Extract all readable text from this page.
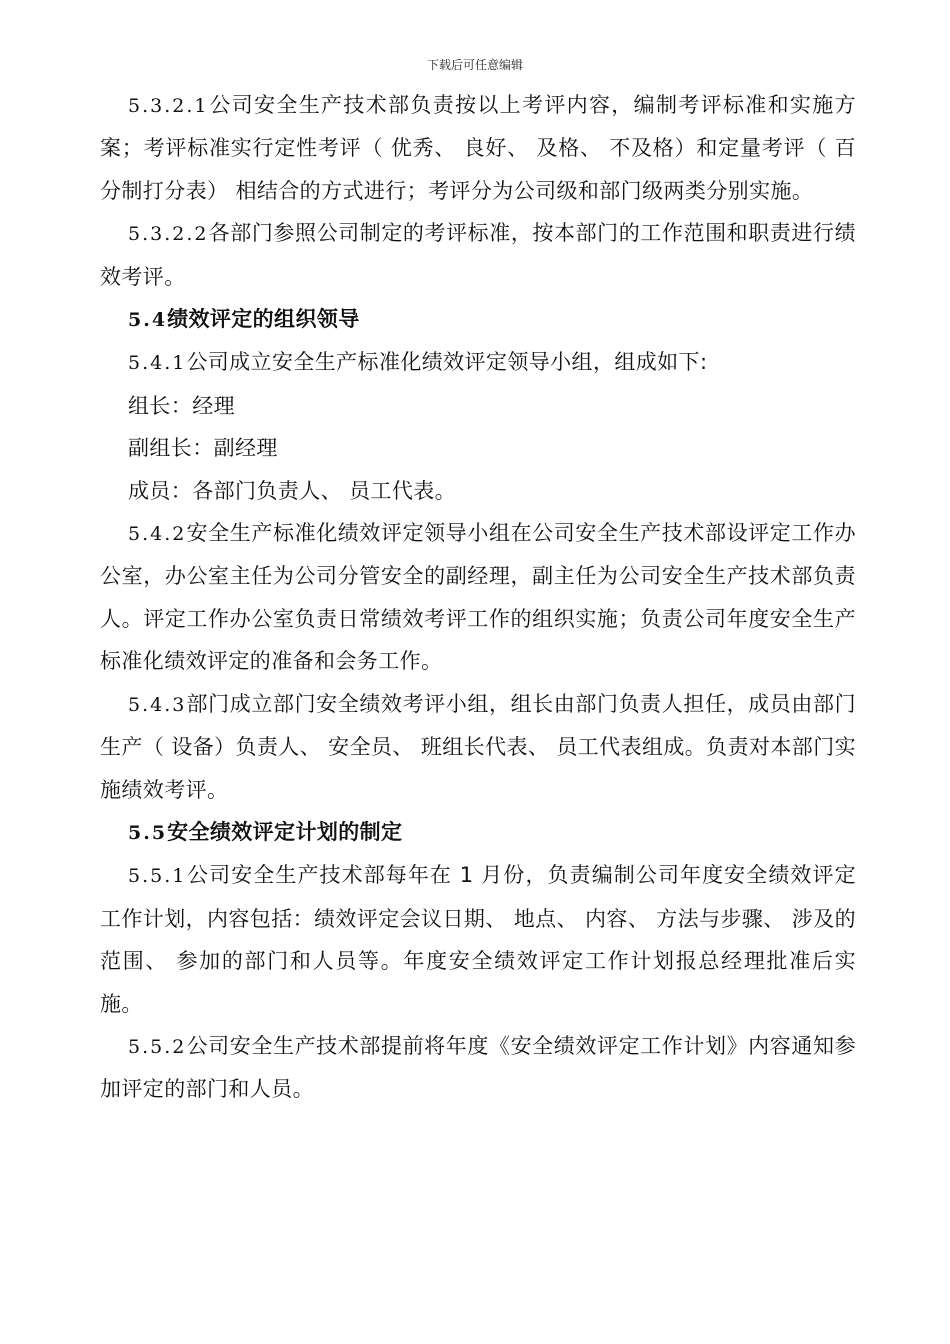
下载后可任意编辑

5.3.2.1公司安全生产技术部负责按以上考评内容，编制考评标准和实施方案；考评标准实行定性考评（ 优秀、 良好、 及格、 不及格）和定量考评（ 百分制打分表） 相结合的方式进行；考评分为公司级和部门级两类分别实施。

5.3.2.2各部门参照公司制定的考评标准，按本部门的工作范围和职责进行绩效考评。

5.4绩效评定的组织领导

5.4.1公司成立安全生产标准化绩效评定领导小组，组成如下:

组长：经理

副组长：副经理

成员：各部门负责人、 员工代表。

5.4.2安全生产标准化绩效评定领导小组在公司安全生产技术部设评定工作办公室，办公室主任为公司分管安全的副经理，副主任为公司安全生产技术部负责人。评定工作办公室负责日常绩效考评工作的组织实施；负责公司年度安全生产标准化绩效评定的准备和会务工作。

5.4.3部门成立部门安全绩效考评小组，组长由部门负责人担任，成员由部门生产（ 设备）负责人、 安全员、 班组长代表、 员工代表组成。负责对本部门实施绩效考评。

5.5安全绩效评定计划的制定

5.5.1公司安全生产技术部每年在 1 月份，负责编制公司年度安全绩效评定工作计划，内容包括：绩效评定会议日期、 地点、 内容、 方法与步骤、 涉及的范围、 参加的部门和人员等。年度安全绩效评定工作计划报总经理批准后实施。

5.5.2公司安全生产技术部提前将年度《安全绩效评定工作计划》内容通知参加评定的部门和人员。
